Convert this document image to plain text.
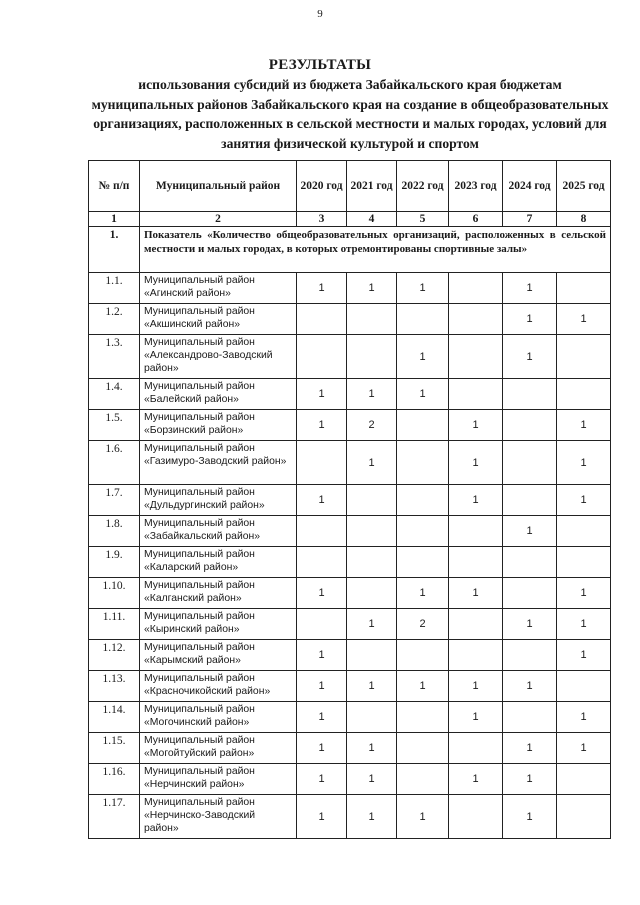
9
РЕЗУЛЬТАТЫ
использования субсидий из бюджета Забайкальского края бюджетам муниципальных районов Забайкальского края на создание в общеобразовательных организациях, расположенных в сельской местности и малых городах, условий для занятия физической культурой и спортом
№ п/п	Муниципальный район	2020 год	2021 год	2022 год	2023 год	2024 год	2025 год
1	2	3	4	5	6	7	8
1.	Показатель «Количество общеобразовательных организаций, расположенных в сельской местности и малых городах, в которых отремонтированы спортивные залы»						
1.1.	Муниципальный район «Агинский район»	1	1	1		1	
1.2.	Муниципальный район «Акшинский район»					1	1
1.3.	Муниципальный район «Александрово-Заводский район»			1		1	
1.4.	Муниципальный район «Балейский район»	1	1	1			
1.5.	Муниципальный район «Борзинский район»	1	2		1		1
1.6.	Муниципальный район «Газимуро-Заводский район»		1		1		1
1.7.	Муниципальный район «Дульдургинский район»	1			1		1
1.8.	Муниципальный район «Забайкальский район»					1	
1.9.	Муниципальный район «Каларский район»						
1.10.	Муниципальный район «Калганский район»	1		1	1		1
1.11.	Муниципальный район «Кыринский район»		1	2		1	1
1.12.	Муниципальный район «Карымский район»	1					1
1.13.	Муниципальный район «Красночикойский район»	1	1	1	1	1	
1.14.	Муниципальный район «Могочинский район»	1			1		1
1.15.	Муниципальный район «Могойтуйский район»	1	1			1	1
1.16.	Муниципальный район «Нерчинский район»	1	1		1	1	
1.17.	Муниципальный район «Нерчинско-Заводский район»	1	1	1		1	
